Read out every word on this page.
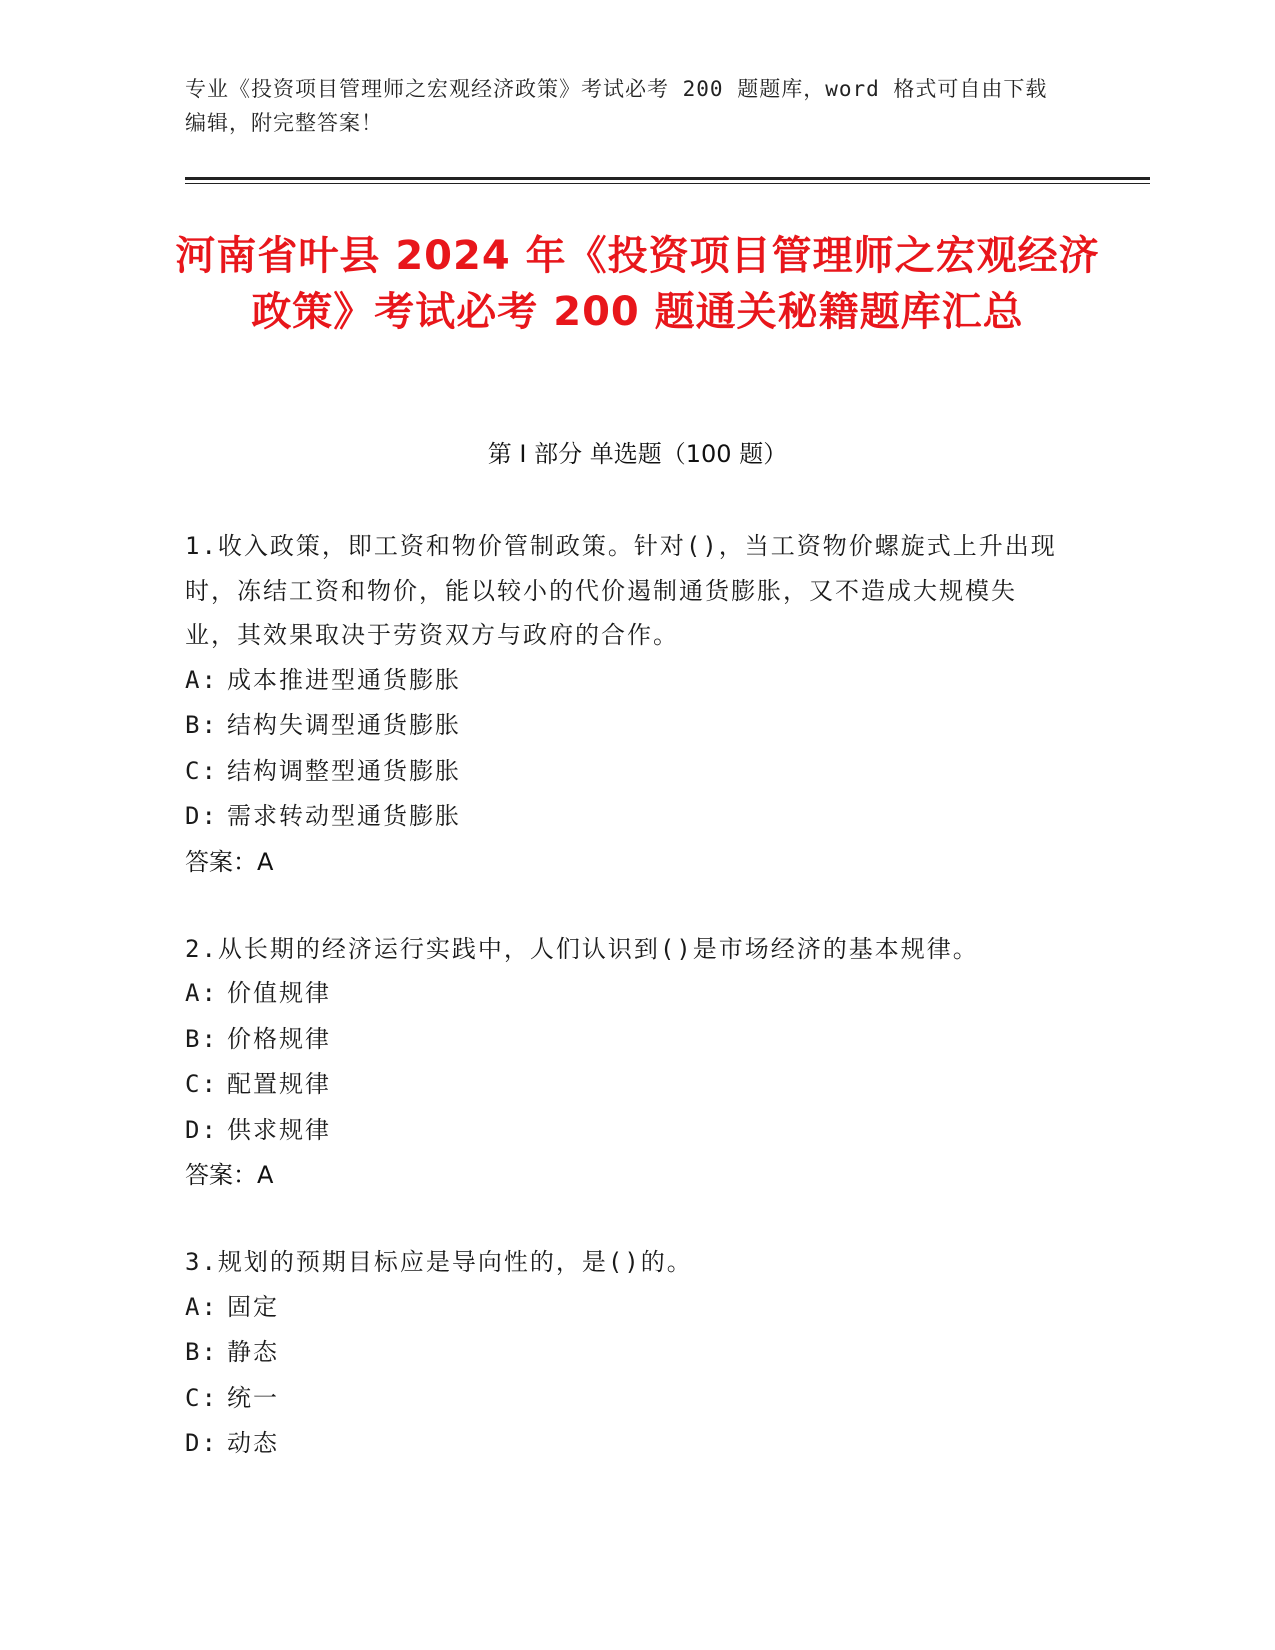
专业《投资项目管理师之宏观经济政策》考试必考 200 题题库，word 格式可自由下载编辑，附完整答案！
河南省叶县 2024 年《投资项目管理师之宏观经济政策》考试必考 200 题通关秘籍题库汇总
第 I 部分 单选题（100 题）
1.收入政策，即工资和物价管制政策。针对()，当工资物价螺旋式上升出现时，冻结工资和物价，能以较小的代价遏制通货膨胀，又不造成大规模失业，其效果取决于劳资双方与政府的合作。
A: 成本推进型通货膨胀
B: 结构失调型通货膨胀
C: 结构调整型通货膨胀
D: 需求转动型通货膨胀
答案：A
2.从长期的经济运行实践中，人们认识到()是市场经济的基本规律。
A: 价值规律
B: 价格规律
C: 配置规律
D: 供求规律
答案：A
3.规划的预期目标应是导向性的，是()的。
A: 固定
B: 静态
C: 统一
D: 动态
